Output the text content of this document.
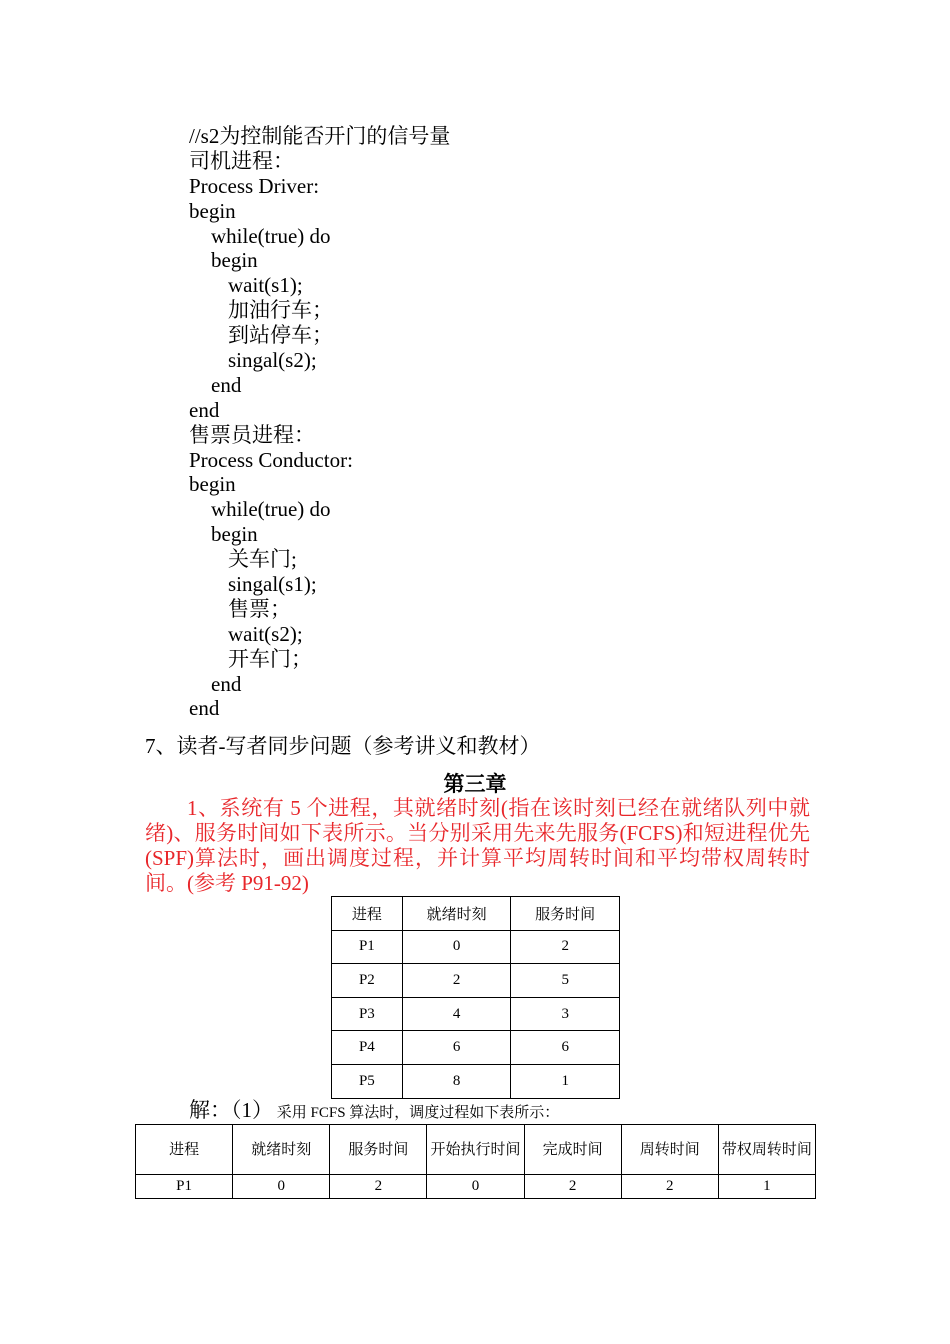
//s2为控制能否开门的信号量
司机进程：
Process Driver:
begin
while(true) do
begin
wait(s1);
加油行车；
到站停车；
singal(s2);
end
end
售票员进程：
Process Conductor:
begin
while(true) do
begin
关车门;
singal(s1);
售票；
wait(s2);
开车门；
end
end
7、读者-写者同步问题（参考讲义和教材）
第三章
1、系统有 5 个进程，其就绪时刻(指在该时刻已经在就绪队列中就绪)、服务时间如下表所示。当分别采用先来先服务(FCFS)和短进程优先(SPF)算法时，画出调度过程，并计算平均周转时间和平均带权周转时间。(参考 P91-92)
进程	就绪时刻	服务时间
P1	0	2
P2	2	5
P3	4	3
P4	6	6
P5	8	1
解：（1） 采用 FCFS 算法时，调度过程如下表所示：
进程	就绪时刻	服务时间	开始执行时间	完成时间	周转时间	带权周转时间
P1	0	2	0	2	2	1
